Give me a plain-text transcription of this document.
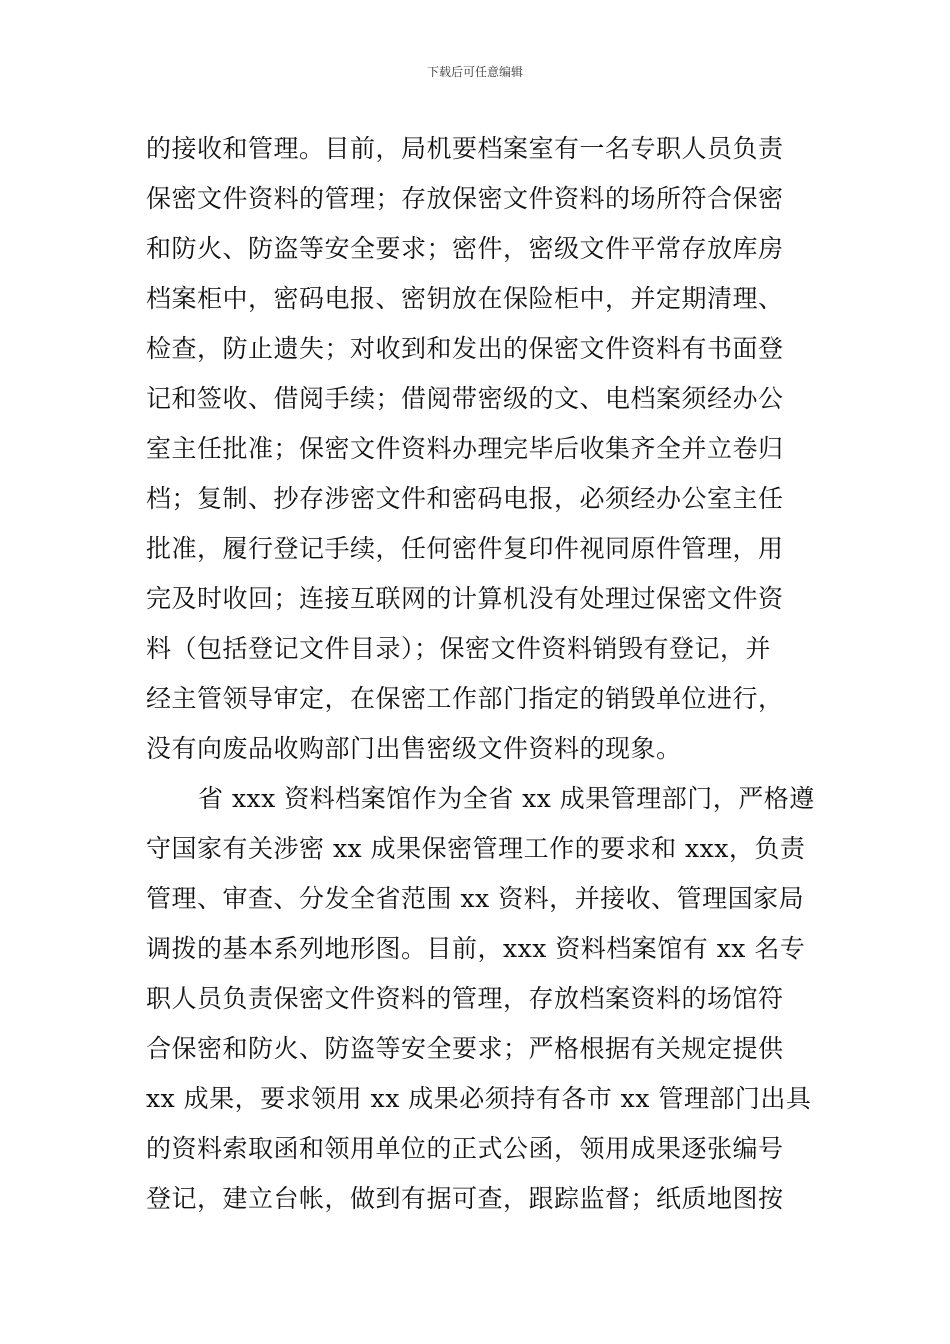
下载后可任意编辑
的接收和管理。目前，局机要档案室有一名专职人员负责
保密文件资料的管理；存放保密文件资料的场所符合保密
和防火、防盗等安全要求；密件，密级文件平常存放库房
档案柜中，密码电报、密钥放在保险柜中，并定期清理、
检查，防止遗失；对收到和发出的保密文件资料有书面登
记和签收、借阅手续；借阅带密级的文、电档案须经办公
室主任批准；保密文件资料办理完毕后收集齐全并立卷归
档；复制、抄存涉密文件和密码电报，必须经办公室主任
批准，履行登记手续，任何密件复印件视同原件管理，用
完及时收回；连接互联网的计算机没有处理过保密文件资
料（包括登记文件目录）；保密文件资料销毁有登记，并
经主管领导审定，在保密工作部门指定的销毁单位进行，
没有向废品收购部门出售密级文件资料的现象。
省 xxx 资料档案馆作为全省 xx 成果管理部门，严格遵
守国家有关涉密 xx 成果保密管理工作的要求和 xxx，负责
管理、审查、分发全省范围 xx 资料，并接收、管理国家局
调拨的基本系列地形图。目前，xxx 资料档案馆有 xx 名专
职人员负责保密文件资料的管理，存放档案资料的场馆符
合保密和防火、防盗等安全要求；严格根据有关规定提供
xx 成果，要求领用 xx 成果必须持有各市 xx 管理部门出具
的资料索取函和领用单位的正式公函，领用成果逐张编号
登记，建立台帐，做到有据可查，跟踪监督；纸质地图按
